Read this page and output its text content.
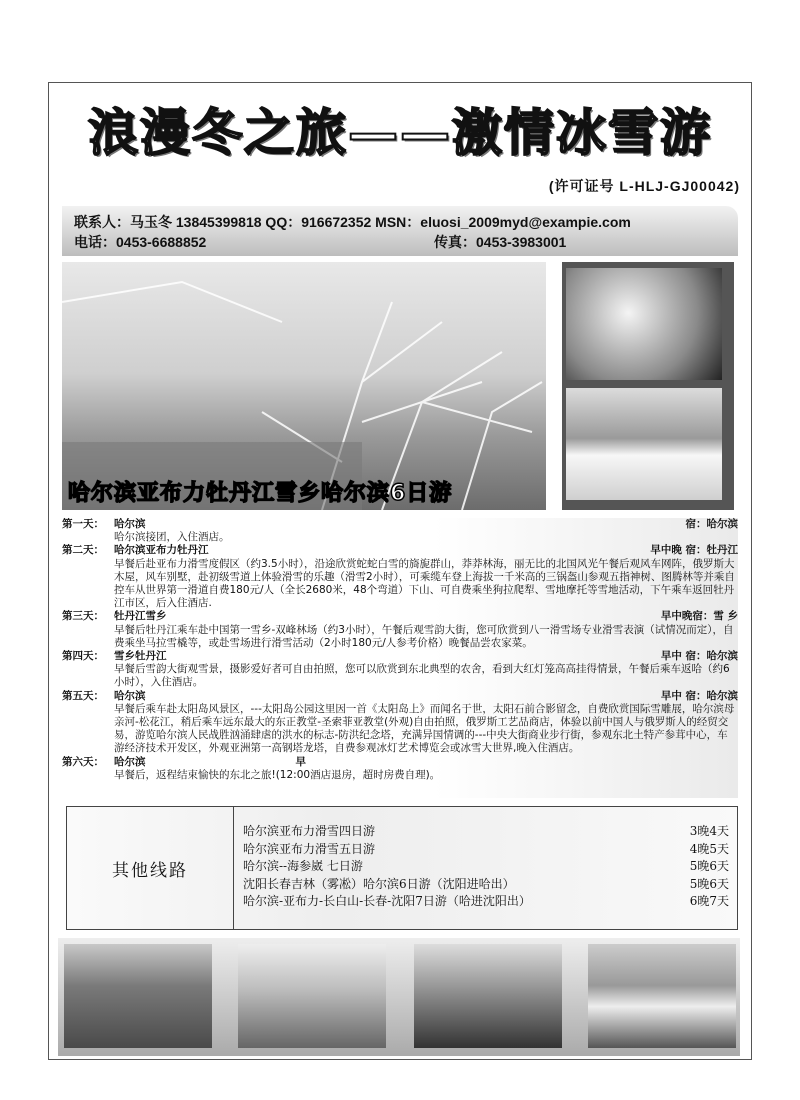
浪漫冬之旅——激情冰雪游
(许可证号 L-HLJ-GJ00042)
联系人：马玉冬 13845399818 QQ：916672352 MSN：eluosi_2009myd@exampie.com
电话：0453-6688852	传真：0453-3983001
哈尔滨亚布力牡丹江雪乡哈尔滨6日游
第一天： 哈尔滨	宿：哈尔滨
哈尔滨接团，入住酒店。
第二天： 哈尔滨亚布力牡丹江	早中晚 宿：牡丹江
早餐后赴亚布力滑雪度假区（约3.5小时），沿途欣赏蛇蛇白雪的旖旎群山，莽莽林海，丽无比的北国风光午餐后观风车网阵，俄罗斯大木屋，风车别墅，赴初级雪道上体验滑雪的乐趣（滑雪2小时），可乘缆车登上海拔一千米高的三锅盔山参观五指神树、图腾林等并乘自控车从世界第一滑道自费180元/人（全长2680米，48个弯道）下山、可自费乘坐狗拉爬犁、雪地摩托等雪地活动，下午乘车返回牡丹江市区，后入住酒店.
第三天： 牡丹江雪乡	早中晚宿：雪 乡
早餐后牡丹江乘车赴中国第一雪乡-双峰林场（约3小时），午餐后观雪韵大街，您可欣赏到八一滑雪场专业滑雪表演（试情况而定），自费乘坐马拉雪橇等，或赴雪场进行滑雪活动（2小时180元/人参考价格）晚餐品尝农家菜。
第四天： 雪乡牡丹江	早中 宿：哈尔滨
早餐后雪韵大街观雪景，摄影爱好者可自由拍照，您可以欣赏到东北典型的农舍，看到大红灯笼高高挂得情景，午餐后乘车返哈（约6小时），入住酒店。
第五天： 哈尔滨	早中 宿：哈尔滨
早餐后乘车赴太阳岛风景区，---太阳岛公园这里因一首《太阳岛上》而闻名于世，太阳石前合影留念，自费欣赏国际雪雕展，哈尔滨母亲河-松花江，稍后乘车远东最大的东正教堂-圣索菲亚教堂(外观)自由拍照，俄罗斯工艺品商店，体验以前中国人与俄罗斯人的经贸交易，游览哈尔滨人民战胜汹涌肆虐的洪水的标志-防洪纪念塔，充满异国情调的---中央大街商业步行街，参观东北土特产参茸中心，车游经济技术开发区，外观亚洲第一高钢塔龙塔，自费参观冰灯艺术博览会或冰雪大世界,晚入住酒店。
第六天： 哈尔滨	早
早餐后，返程结束愉快的东北之旅!(12:00酒店退房，超时房费自理)。
其他线路
哈尔滨亚布力滑雪四日游	3晚4天
哈尔滨亚布力滑雪五日游	4晚5天
哈尔滨--海参崴 七日游	5晚6天
沈阳长春吉林（雾凇）哈尔滨6日游（沈阳进哈出）	5晚6天
哈尔滨-亚布力-长白山-长春-沈阳7日游（哈进沈阳出）	6晚7天
